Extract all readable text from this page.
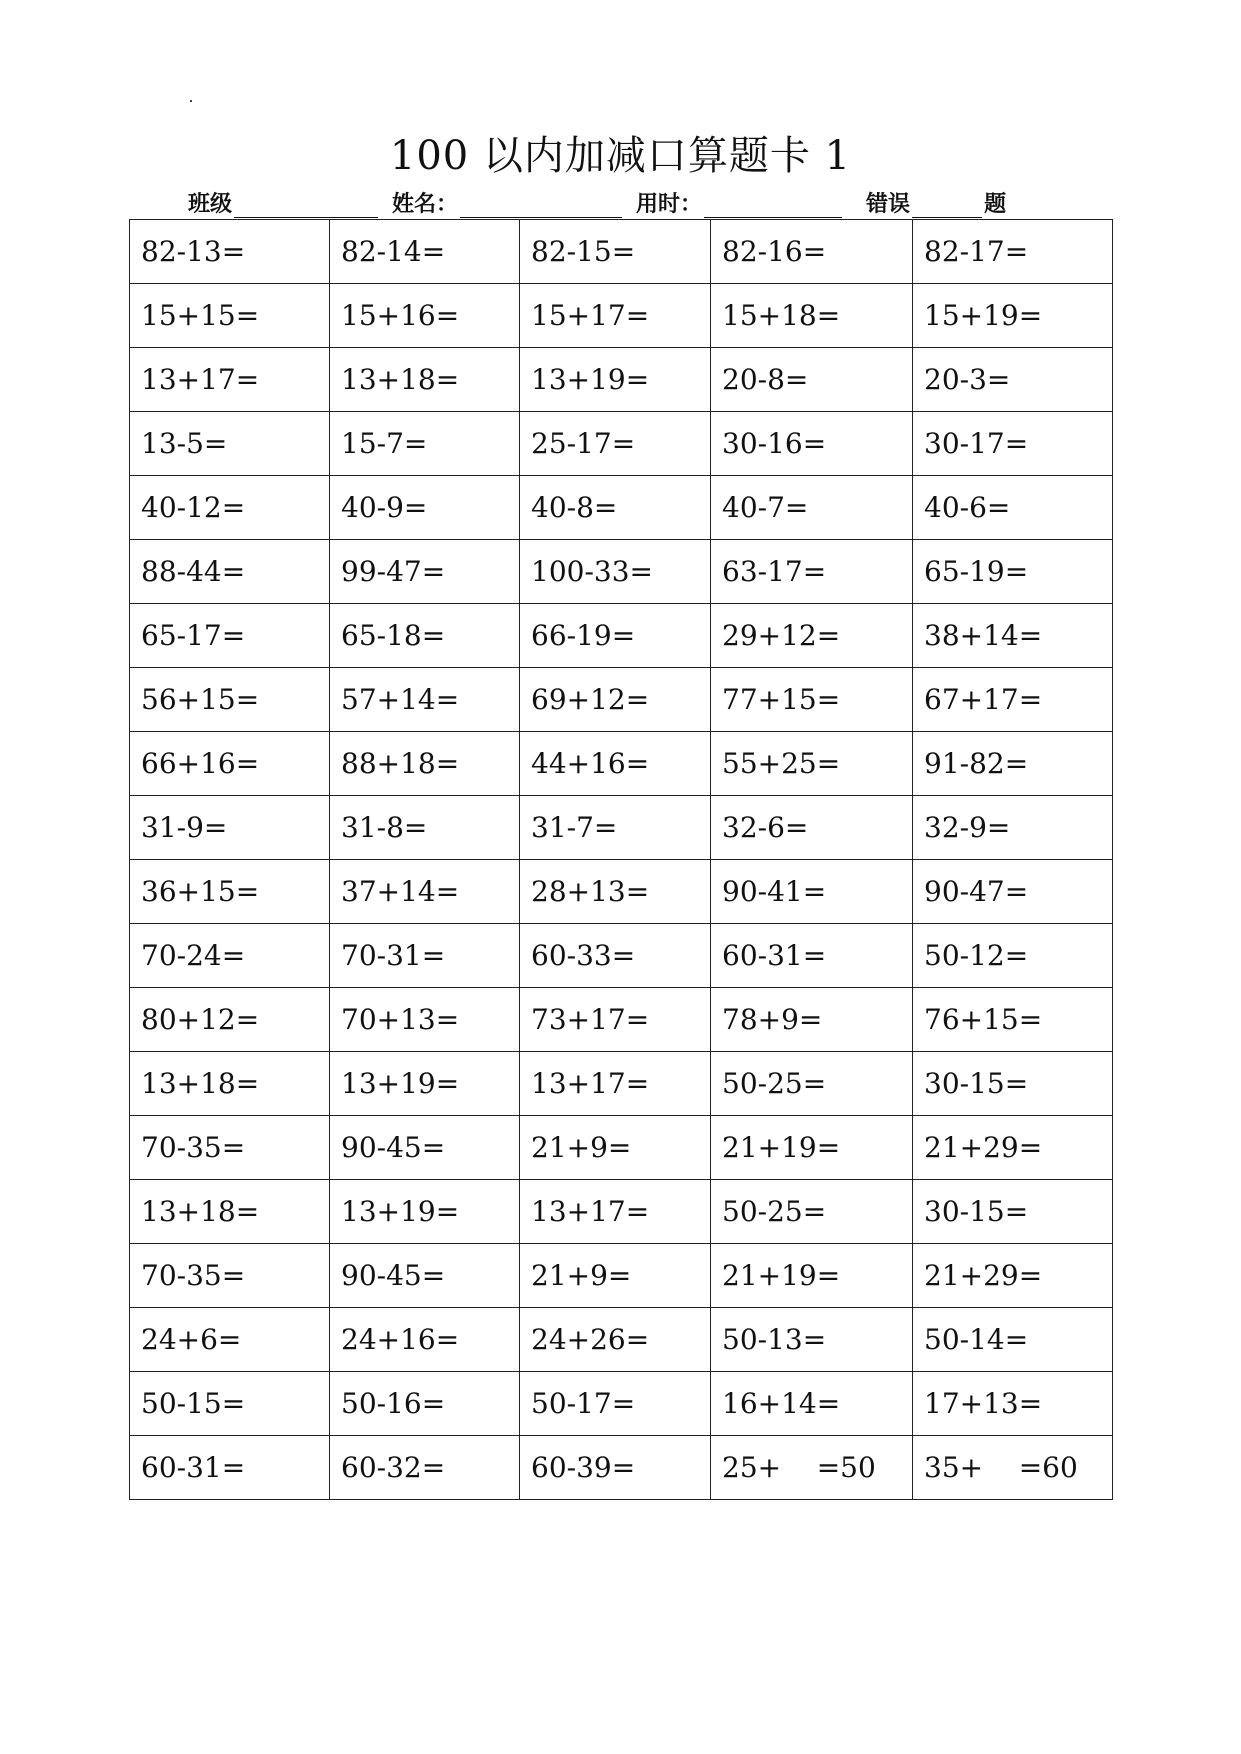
100 以内加减口算题卡 1
班级	姓名：	用时：	错误	题
82-13=	82-14=	82-15=	82-16=	82-17=
15+15=	15+16=	15+17=	15+18=	15+19=
13+17=	13+18=	13+19=	20-8=	20-3=
13-5=	15-7=	25-17=	30-16=	30-17=
40-12=	40-9=	40-8=	40-7=	40-6=
88-44=	99-47=	100-33=	63-17=	65-19=
65-17=	65-18=	66-19=	29+12=	38+14=
56+15=	57+14=	69+12=	77+15=	67+17=
66+16=	88+18=	44+16=	55+25=	91-82=
31-9=	31-8=	31-7=	32-6=	32-9=
36+15=	37+14=	28+13=	90-41=	90-47=
70-24=	70-31=	60-33=	60-31=	50-12=
80+12=	70+13=	73+17=	78+9=	76+15=
13+18=	13+19=	13+17=	50-25=	30-15=
70-35=	90-45=	21+9=	21+19=	21+29=
13+18=	13+19=	13+17=	50-25=	30-15=
70-35=	90-45=	21+9=	21+19=	21+29=
24+6=	24+16=	24+26=	50-13=	50-14=
50-15=	50-16=	50-17=	16+14=	17+13=
60-31=	60-32=	60-39=	25+    =50	35+    =60
